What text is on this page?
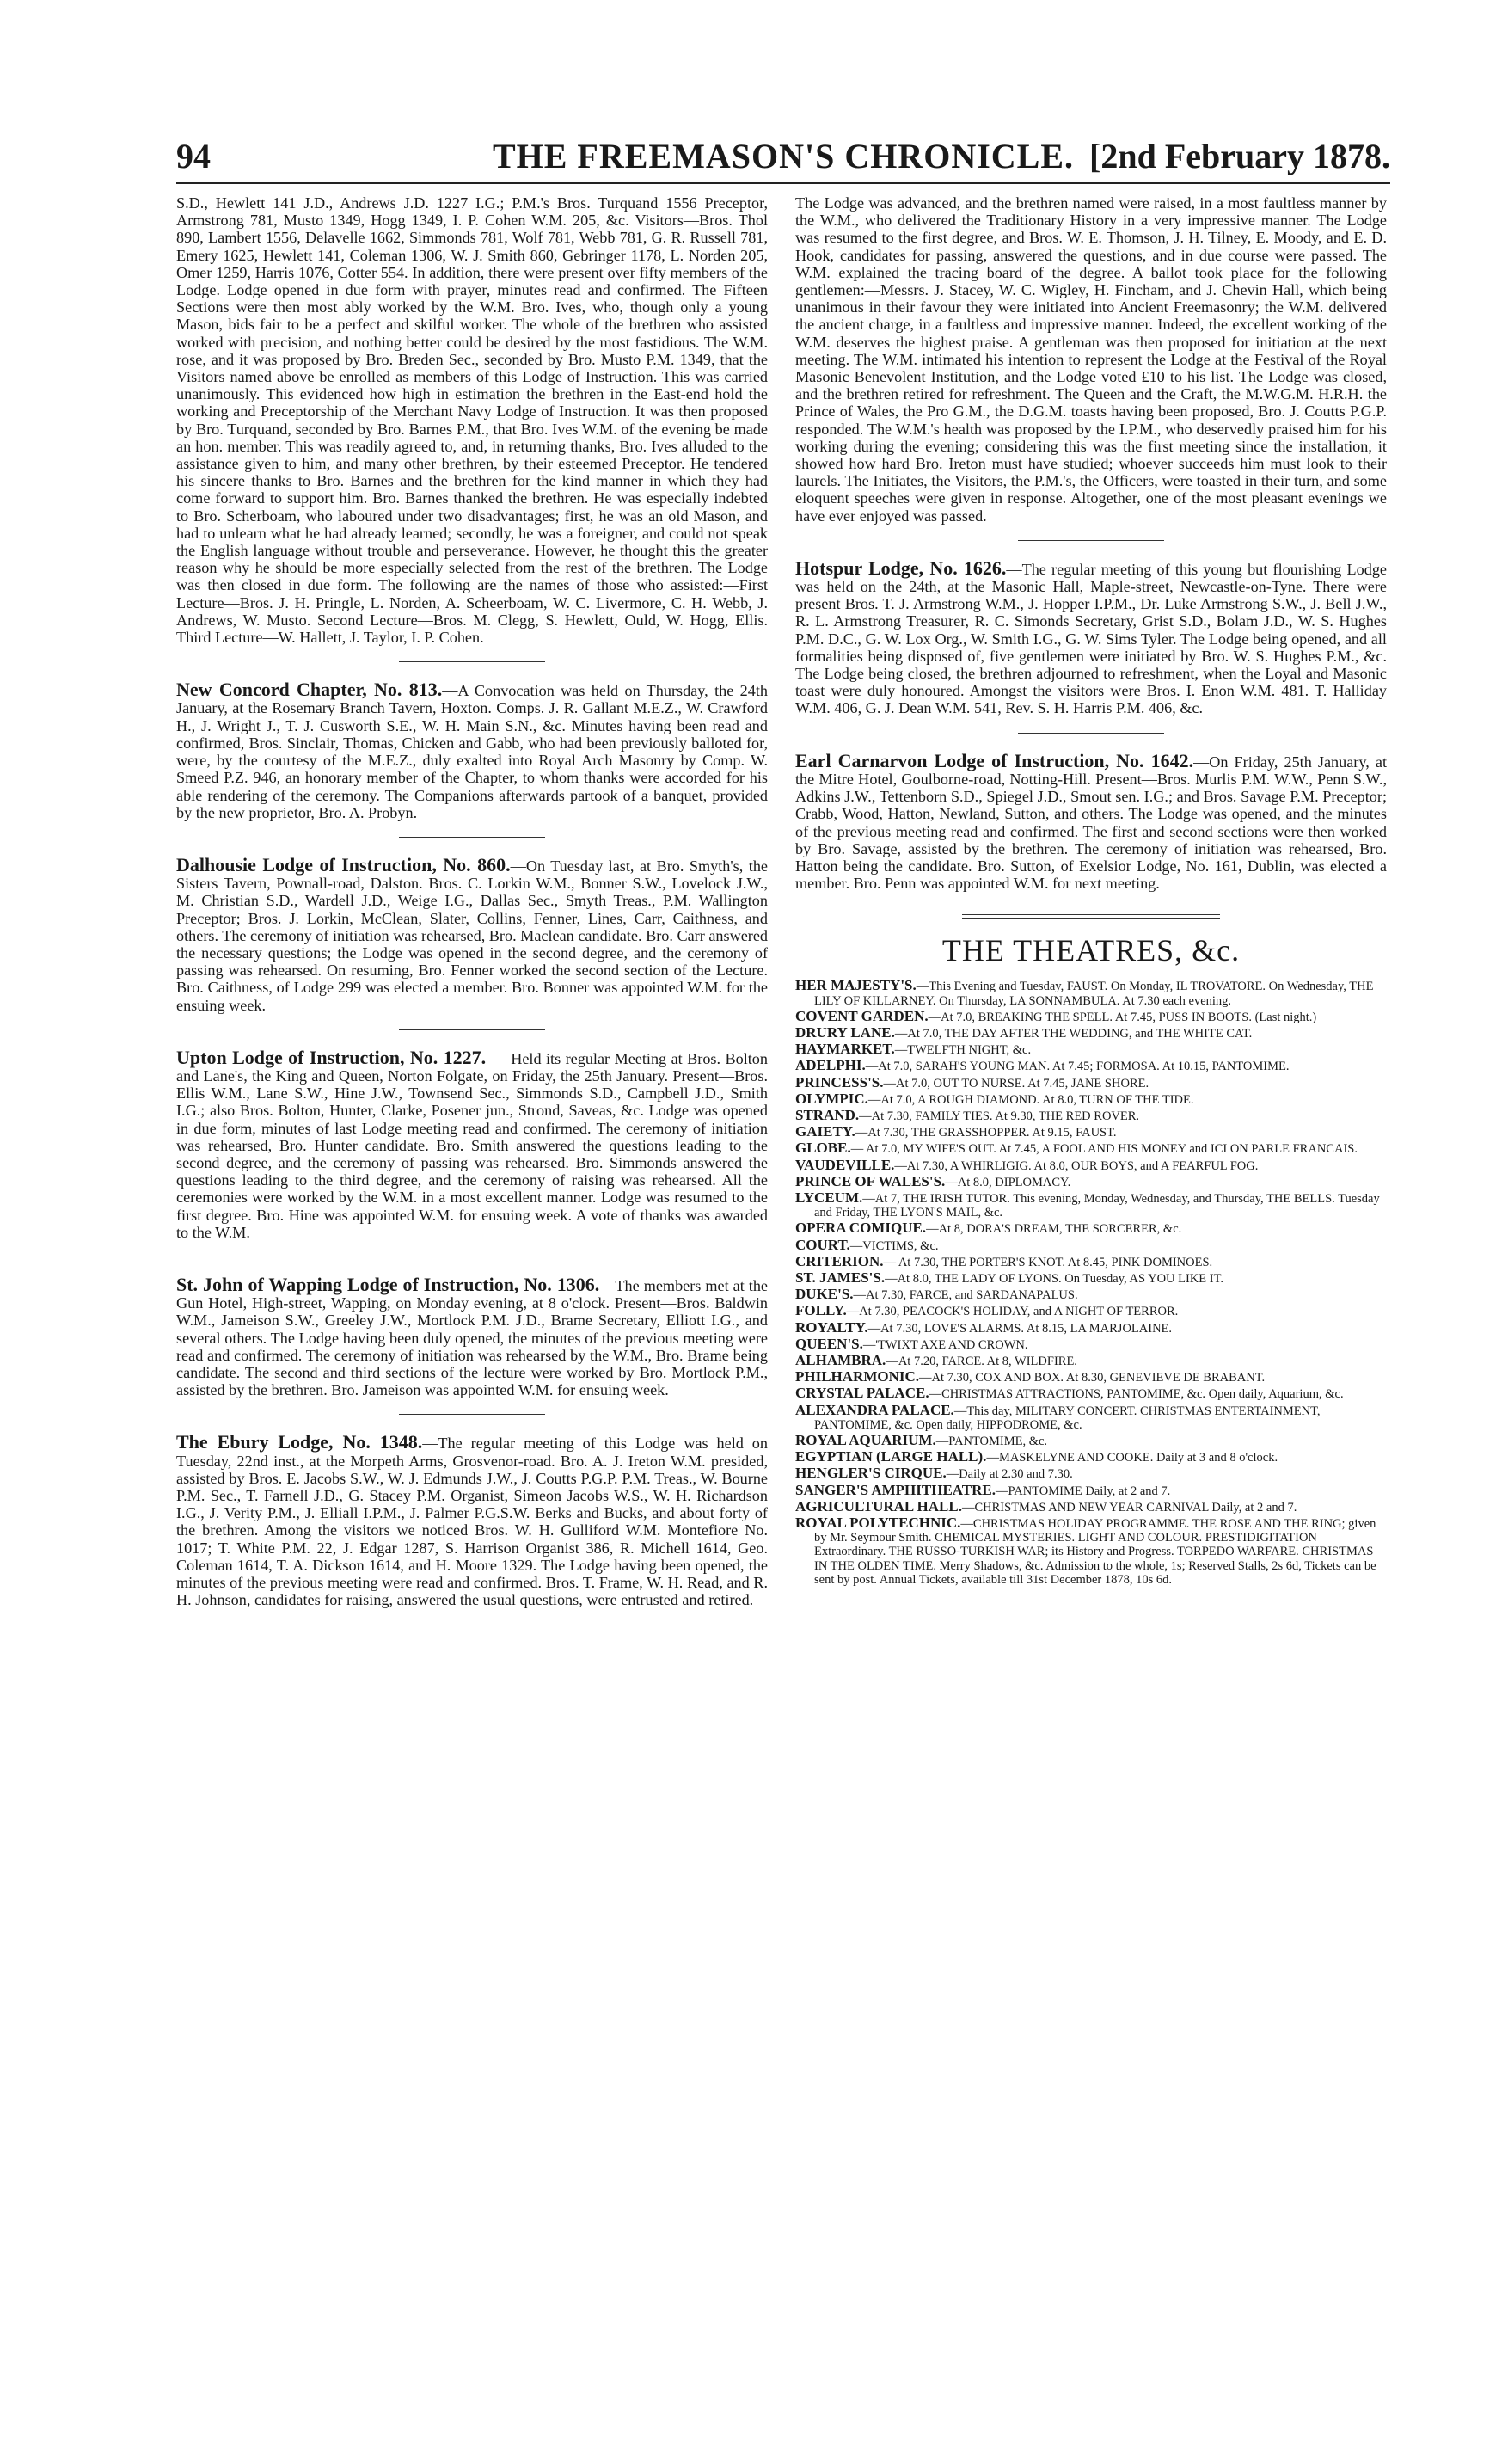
94	THE FREEMASON'S CHRONICLE. [2nd February 1878.

S.D., Hewlett 141 J.D., Andrews J.D. 1227 I.G.; P.M.'s Bros. Turquand 1556 Preceptor, Armstrong 781, Musto 1349, Hogg 1349, I. P. Cohen W.M. 205, &c. Visitors—Bros. Thol 890, Lambert 1556, Delavelle 1662, Simmonds 781, Wolf 781, Webb 781, G. R. Russell 781, Emery 1625, Hewlett 141, Coleman 1306, W. J. Smith 860, Gebringer 1178, L. Norden 205, Omer 1259, Harris 1076, Cotter 554. In addition, there were present over fifty members of the Lodge. Lodge opened in due form with prayer, minutes read and confirmed. The Fifteen Sections were then most ably worked by the W.M. Bro. Ives, who, though only a young Mason, bids fair to be a perfect and skilful worker. The whole of the brethren who assisted worked with precision, and nothing better could be desired by the most fastidious. The W.M. rose, and it was proposed by Bro. Breden Sec., seconded by Bro. Musto P.M. 1349, that the Visitors named above be enrolled as members of this Lodge of Instruction. This was carried unanimously. This evidenced how high in estimation the brethren in the East-end hold the working and Preceptorship of the Merchant Navy Lodge of Instruction. It was then proposed by Bro. Turquand, seconded by Bro. Barnes P.M., that Bro. Ives W.M. of the evening be made an hon. member. This was readily agreed to, and, in returning thanks, Bro. Ives alluded to the assistance given to him, and many other brethren, by their esteemed Preceptor. He tendered his sincere thanks to Bro. Barnes and the brethren for the kind manner in which they had come forward to support him. Bro. Barnes thanked the brethren. He was especially indebted to Bro. Scherboam, who laboured under two disadvantages; first, he was an old Mason, and had to unlearn what he had already learned; secondly, he was a foreigner, and could not speak the English language without trouble and perseverance. However, he thought this the greater reason why he should be more especially selected from the rest of the brethren. The Lodge was then closed in due form. The following are the names of those who assisted:—First Lecture—Bros. J. H. Pringle, L. Norden, A. Scheerboam, W. C. Livermore, C. H. Webb, J. Andrews, W. Musto. Second Lecture—Bros. M. Clegg, S. Hewlett, Ould, W. Hogg, Ellis. Third Lecture—W. Hallett, J. Taylor, I. P. Cohen.

New Concord Chapter, No. 813.—A Convocation was held on Thursday, the 24th January, at the Rosemary Branch Tavern, Hoxton. Comps. J. R. Gallant M.E.Z., W. Crawford H., J. Wright J., T. J. Cusworth S.E., W. H. Main S.N., &c. Minutes having been read and confirmed, Bros. Sinclair, Thomas, Chicken and Gabb, who had been previously balloted for, were, by the courtesy of the M.E.Z., duly exalted into Royal Arch Masonry by Comp. W. Smeed P.Z. 946, an honorary member of the Chapter, to whom thanks were accorded for his able rendering of the ceremony. The Companions afterwards partook of a banquet, provided by the new proprietor, Bro. A. Probyn.

Dalhousie Lodge of Instruction, No. 860.—On Tuesday last, at Bro. Smyth's, the Sisters Tavern, Pownall-road, Dalston. Bros. C. Lorkin W.M., Bonner S.W., Lovelock J.W., M. Christian S.D., Wardell J.D., Weige I.G., Dallas Sec., Smyth Treas., P.M. Wallington Preceptor; Bros. J. Lorkin, McClean, Slater, Collins, Fenner, Lines, Carr, Caithness, and others. The ceremony of initiation was rehearsed, Bro. Maclean candidate. Bro. Carr answered the necessary questions; the Lodge was opened in the second degree, and the ceremony of passing was rehearsed. On resuming, Bro. Fenner worked the second section of the Lecture. Bro. Caithness, of Lodge 299 was elected a member. Bro. Bonner was appointed W.M. for the ensuing week.

Upton Lodge of Instruction, No. 1227. — Held its regular Meeting at Bros. Bolton and Lane's, the King and Queen, Norton Folgate, on Friday, the 25th January. Present—Bros. Ellis W.M., Lane S.W., Hine J.W., Townsend Sec., Simmonds S.D., Campbell J.D., Smith I.G.; also Bros. Bolton, Hunter, Clarke, Posener jun., Strond, Saveas, &c. Lodge was opened in due form, minutes of last Lodge meeting read and confirmed. The ceremony of initiation was rehearsed, Bro. Hunter candidate. Bro. Smith answered the questions leading to the second degree, and the ceremony of passing was rehearsed. Bro. Simmonds answered the questions leading to the third degree, and the ceremony of raising was rehearsed. All the ceremonies were worked by the W.M. in a most excellent manner. Lodge was resumed to the first degree. Bro. Hine was appointed W.M. for ensuing week. A vote of thanks was awarded to the W.M.

St. John of Wapping Lodge of Instruction, No. 1306.—The members met at the Gun Hotel, High-street, Wapping, on Monday evening, at 8 o'clock. Present—Bros. Baldwin W.M., Jameison S.W., Greeley J.W., Mortlock P.M. J.D., Brame Secretary, Elliott I.G., and several others. The Lodge having been duly opened, the minutes of the previous meeting were read and confirmed. The ceremony of initiation was rehearsed by the W.M., Bro. Brame being candidate. The second and third sections of the lecture were worked by Bro. Mortlock P.M., assisted by the brethren. Bro. Jameison was appointed W.M. for ensuing week.

The Ebury Lodge, No. 1348.—The regular meeting of this Lodge was held on Tuesday, 22nd inst., at the Morpeth Arms, Grosvenor-road. Bro. A. J. Ireton W.M. presided, assisted by Bros. E. Jacobs S.W., W. J. Edmunds J.W., J. Coutts P.G.P. P.M. Treas., W. Bourne P.M. Sec., T. Farnell J.D., G. Stacey P.M. Organist, Simeon Jacobs W.S., W. H. Richardson I.G., J. Verity P.M., J. Elliall I.P.M., J. Palmer P.G.S.W. Berks and Bucks, and about forty of the brethren. Among the visitors we noticed Bros. W. H. Gulliford W.M. Montefiore No. 1017; T. White P.M. 22, J. Edgar 1287, S. Harrison Organist 386, R. Michell 1614, Geo. Coleman 1614, T. A. Dickson 1614, and H. Moore 1329. The Lodge having been opened, the minutes of the previous meeting were read and confirmed. Bros. T. Frame, W. H. Read, and R. H. Johnson, candidates for raising, answered the usual questions, were entrusted and retired.

The Lodge was advanced, and the brethren named were raised, in a most faultless manner by the W.M., who delivered the Traditionary History in a very impressive manner. The Lodge was resumed to the first degree, and Bros. W. E. Thomson, J. H. Tilney, E. Moody, and E. D. Hook, candidates for passing, answered the questions, and in due course were passed. The W.M. explained the tracing board of the degree. A ballot took place for the following gentlemen:—Messrs. J. Stacey, W. C. Wigley, H. Fincham, and J. Chevin Hall, which being unanimous in their favour they were initiated into Ancient Freemasonry; the W.M. delivered the ancient charge, in a faultless and impressive manner. Indeed, the excellent working of the W.M. deserves the highest praise. A gentleman was then proposed for initiation at the next meeting. The W.M. intimated his intention to represent the Lodge at the Festival of the Royal Masonic Benevolent Institution, and the Lodge voted £10 to his list. The Lodge was closed, and the brethren retired for refreshment. The Queen and the Craft, the M.W.G.M. H.R.H. the Prince of Wales, the Pro G.M., the D.G.M. toasts having been proposed, Bro. J. Coutts P.G.P. responded. The W.M.'s health was proposed by the I.P.M., who deservedly praised him for his working during the evening; considering this was the first meeting since the installation, it showed how hard Bro. Ireton must have studied; whoever succeeds him must look to their laurels. The Initiates, the Visitors, the P.M.'s, the Officers, were toasted in their turn, and some eloquent speeches were given in response. Altogether, one of the most pleasant evenings we have ever enjoyed was passed.

Hotspur Lodge, No. 1626.—The regular meeting of this young but flourishing Lodge was held on the 24th, at the Masonic Hall, Maple-street, Newcastle-on-Tyne. There were present Bros. T. J. Armstrong W.M., J. Hopper I.P.M., Dr. Luke Armstrong S.W., J. Bell J.W., R. L. Armstrong Treasurer, R. C. Simonds Secretary, Grist S.D., Bolam J.D., W. S. Hughes P.M. D.C., G. W. Lox Org., W. Smith I.G., G. W. Sims Tyler. The Lodge being opened, and all formalities being disposed of, five gentlemen were initiated by Bro. W. S. Hughes P.M., &c. The Lodge being closed, the brethren adjourned to refreshment, when the Loyal and Masonic toast were duly honoured. Amongst the visitors were Bros. I. Enon W.M. 481. T. Halliday W.M. 406, G. J. Dean W.M. 541, Rev. S. H. Harris P.M. 406, &c.

Earl Carnarvon Lodge of Instruction, No. 1642.—On Friday, 25th January, at the Mitre Hotel, Goulborne-road, Notting-Hill. Present—Bros. Murlis P.M. W.W., Penn S.W., Adkins J.W., Tettenborn S.D., Spiegel J.D., Smout sen. I.G.; and Bros. Savage P.M. Preceptor; Crabb, Wood, Hatton, Newland, Sutton, and others. The Lodge was opened, and the minutes of the previous meeting read and confirmed. The first and second sections were then worked by Bro. Savage, assisted by the brethren. The ceremony of initiation was rehearsed, Bro. Hatton being the candidate. Bro. Sutton, of Exelsior Lodge, No. 161, Dublin, was elected a member. Bro. Penn was appointed W.M. for next meeting.

THE THEATRES, &c.

HER MAJESTY'S.—This Evening and Tuesday, FAUST. On Monday, IL TROVATORE. On Wednesday, THE LILY OF KILLARNEY. On Thursday, LA SONNAMBULA. At 7.30 each evening.

COVENT GARDEN.—At 7.0, BREAKING THE SPELL. At 7.45, PUSS IN BOOTS. (Last night.)

DRURY LANE.—At 7.0, THE DAY AFTER THE WEDDING, and THE WHITE CAT.

HAYMARKET.—TWELFTH NIGHT, &c.

ADELPHI.—At 7.0, SARAH'S YOUNG MAN. At 7.45; FORMOSA. At 10.15, PANTOMIME.

PRINCESS'S.—At 7.0, OUT TO NURSE. At 7.45, JANE SHORE.

OLYMPIC.—At 7.0, A ROUGH DIAMOND. At 8.0, TURN OF THE TIDE.

STRAND.—At 7.30, FAMILY TIES. At 9.30, THE RED ROVER.

GAIETY.—At 7.30, THE GRASSHOPPER. At 9.15, FAUST.

GLOBE.— At 7.0, MY WIFE'S OUT. At 7.45, A FOOL AND HIS MONEY and ICI ON PARLE FRANCAIS.

VAUDEVILLE.—At 7.30, A WHIRLIGIG. At 8.0, OUR BOYS, and A FEARFUL FOG.

PRINCE OF WALES'S.—At 8.0, DIPLOMACY.

LYCEUM.—At 7, THE IRISH TUTOR. This evening, Monday, Wednesday, and Thursday, THE BELLS. Tuesday and Friday, THE LYON'S MAIL, &c.

OPERA COMIQUE.—At 8, DORA'S DREAM, THE SORCERER, &c.

COURT.—VICTIMS, &c.

CRITERION.— At 7.30, THE PORTER'S KNOT. At 8.45, PINK DOMINOES.

ST. JAMES'S.—At 8.0, THE LADY OF LYONS. On Tuesday, AS YOU LIKE IT.

DUKE'S.—At 7.30, FARCE, and SARDANAPALUS.

FOLLY.—At 7.30, PEACOCK'S HOLIDAY, and A NIGHT OF TERROR.

ROYALTY.—At 7.30, LOVE'S ALARMS. At 8.15, LA MARJOLAINE.

QUEEN'S.—'TWIXT AXE AND CROWN.

ALHAMBRA.—At 7.20, FARCE. At 8, WILDFIRE.

PHILHARMONIC.—At 7.30, COX AND BOX. At 8.30, GENEVIEVE DE BRABANT.

CRYSTAL PALACE.—CHRISTMAS ATTRACTIONS, PANTOMIME, &c. Open daily, Aquarium, &c.

ALEXANDRA PALACE.—This day, MILITARY CONCERT. CHRISTMAS ENTERTAINMENT, PANTOMIME, &c. Open daily, HIPPODROME, &c.

ROYAL AQUARIUM.—PANTOMIME, &c.

EGYPTIAN (LARGE HALL).—MASKELYNE AND COOKE. Daily at 3 and 8 o'clock.

HENGLER'S CIRQUE.—Daily at 2.30 and 7.30.

SANGER'S AMPHITHEATRE.—PANTOMIME Daily, at 2 and 7.

AGRICULTURAL HALL.—CHRISTMAS AND NEW YEAR CARNIVAL Daily, at 2 and 7.

ROYAL POLYTECHNIC.—CHRISTMAS HOLIDAY PROGRAMME. THE ROSE AND THE RING; given by Mr. Seymour Smith. CHEMICAL MYSTERIES. LIGHT AND COLOUR. PRESTIDIGITATION Extraordinary. THE RUSSO-TURKISH WAR; its History and Progress. TORPEDO WARFARE. CHRISTMAS IN THE OLDEN TIME. Merry Shadows, &c. Admission to the whole, 1s; Reserved Stalls, 2s 6d, Tickets can be sent by post. Annual Tickets, available till 31st December 1878, 10s 6d.
